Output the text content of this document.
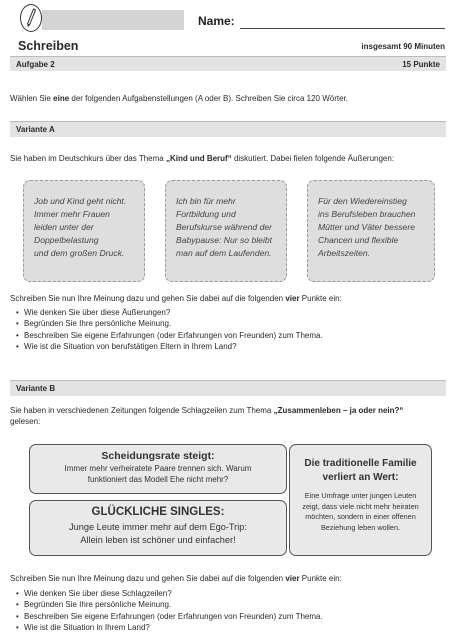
Name:
Schreiben	insgesamt 90 Minuten
Aufgabe 2	15 Punkte
Wählen Sie eine der folgenden Aufgabenstellungen (A oder B). Schreiben Sie circa 120 Wörter.
Variante A
Sie haben im Deutschkurs über das Thema „Kind und Beruf“ diskutiert. Dabei fielen folgende Äußerungen:
Job und Kind geht nicht.
Immer mehr Frauen
leiden unter der
Doppelbelastung
und dem großen Druck.
Ich bin für mehr
Fortbildung und
Berufskurse während der
Babypause: Nur so bleibt
man auf dem Laufenden.
Für den Wiedereinstieg
ins Berufsleben brauchen
Mütter und Väter bessere
Chancen und flexible
Arbeitszeiten.
Schreiben Sie nun Ihre Meinung dazu und gehen Sie dabei auf die folgenden vier Punkte ein:
• Wie denken Sie über diese Äußerungen?
• Begründen Sie Ihre persönliche Meinung.
• Beschreiben Sie eigene Erfahrungen (oder Erfahrungen von Freunden) zum Thema.
• Wie ist die Situation von berufstätigen Eltern in Ihrem Land?
Variante B
Sie haben in verschiedenen Zeitungen folgende Schlagzeilen zum Thema „Zusammenleben – ja oder nein?“
gelesen:
Scheidungsrate steigt:
Immer mehr verheiratete Paare trennen sich. Warum
funktioniert das Modell Ehe nicht mehr?
GLÜCKLICHE SINGLES:
Junge Leute immer mehr auf dem Ego-Trip:
Allein leben ist schöner und einfacher!
Die traditionelle Familie
verliert an Wert:
Eine Umfrage unter jungen Leuten
zeigt, dass viele nicht mehr heiraten
möchten, sondern in einer offenen
Beziehung leben wollen.
Schreiben Sie nun Ihre Meinung dazu und gehen Sie dabei auf die folgenden vier Punkte ein:
• Wie denken Sie über diese Schlagzeilen?
• Begründen Sie Ihre persönliche Meinung.
• Beschreiben Sie eigene Erfahrungen (oder Erfahrungen von Freunden) zum Thema.
• Wie ist die Situation in Ihrem Land?
